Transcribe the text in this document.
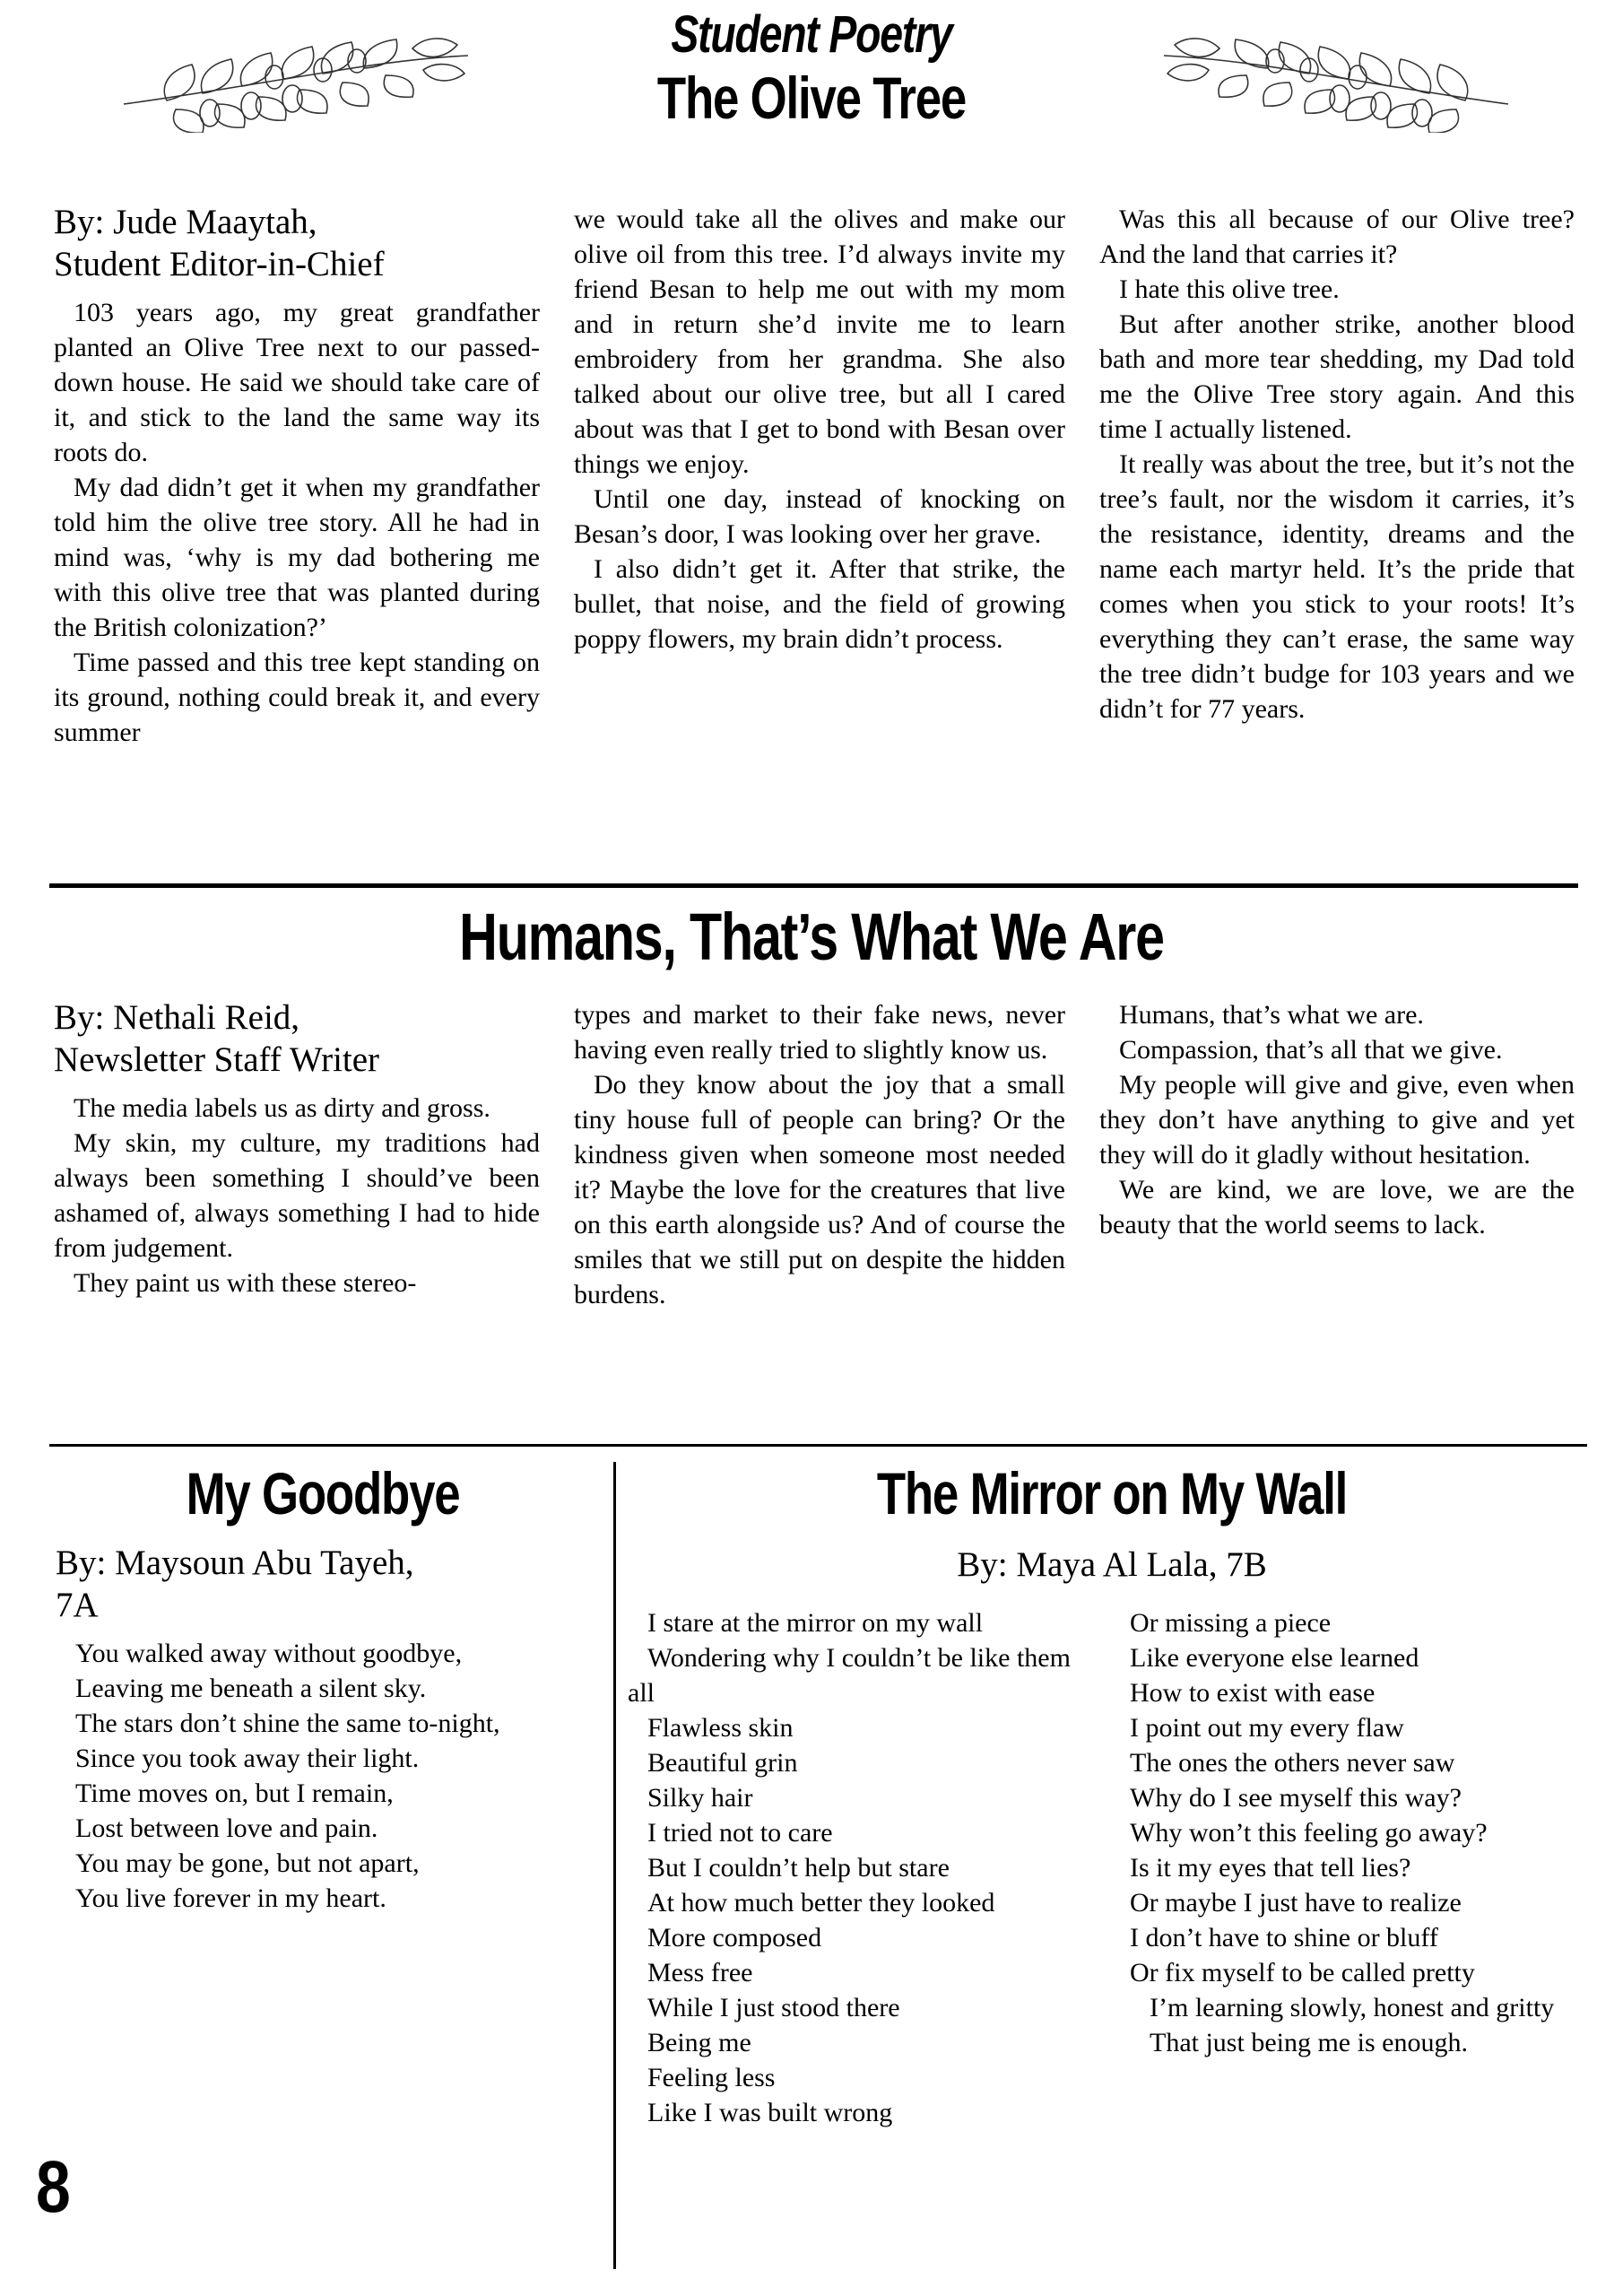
Student Poetry
The Olive Tree
By: Jude Maaytah,
Student Editor-in-Chief

103 years ago, my great grandfather planted an Olive Tree next to our passed-down house. He said we should take care of it, and stick to the land the same way its roots do.

My dad didn’t get it when my grandfather told him the olive tree story. All he had in mind was, ‘why is my dad bothering me with this olive tree that was planted during the British colonization?’

Time passed and this tree kept standing on its ground, nothing could break it, and every summer

we would take all the olives and make our olive oil from this tree. I’d always invite my friend Besan to help me out with my mom and in return she’d invite me to learn embroidery from her grandma. She also talked about our olive tree, but all I cared about was that I get to bond with Besan over things we enjoy.

Until one day, instead of knocking on Besan’s door, I was looking over her grave.

I also didn’t get it. After that strike, the bullet, that noise, and the field of growing poppy flowers, my brain didn’t process.

Was this all because of our Olive tree? And the land that carries it?

I hate this olive tree.

But after another strike, another blood bath and more tear shedding, my Dad told me the Olive Tree story again. And this time I actually listened.

It really was about the tree, but it’s not the tree’s fault, nor the wisdom it carries, it’s the resistance, identity, dreams and the name each martyr held. It’s the pride that comes when you stick to your roots! It’s everything they can’t erase, the same way the tree didn’t budge for 103 years and we didn’t for 77 years.

Humans, That’s What We Are
By: Nethali Reid,
Newsletter Staff Writer

The media labels us as dirty and gross.

My skin, my culture, my traditions had always been something I should’ve been ashamed of, always something I had to hide from judgement.

They paint us with these stereo-

types and market to their fake news, never having even really tried to slightly know us.

Do they know about the joy that a small tiny house full of people can bring? Or the kindness given when someone most needed it? Maybe the love for the creatures that live on this earth alongside us? And of course the smiles that we still put on despite the hidden burdens.

Humans, that’s what we are.

Compassion, that’s all that we give.

My people will give and give, even when they don’t have anything to give and yet they will do it gladly without hesitation.

We are kind, we are love, we are the beauty that the world seems to lack.

My Goodbye	The Mirror on My Wall
By: Maysoun Abu Tayeh,
7A

You walked away without goodbye,

Leaving me beneath a silent sky.

The stars don’t shine the same to-night,

Since you took away their light.

Time moves on, but I remain,

Lost between love and pain.

You may be gone, but not apart,

You live forever in my heart.

By: Maya Al Lala, 7B

I stare at the mirror on my wall

Wondering why I couldn’t be like them all

Flawless skin

Beautiful grin

Silky hair

I tried not to care

But I couldn’t help but stare

At how much better they looked

More composed

Mess free

While I just stood there

Being me

Feeling less

Like I was built wrong

Or missing a piece

Like everyone else learned

How to exist with ease

I point out my every flaw

The ones the others never saw

Why do I see myself this way?

Why won’t this feeling go away?

Is it my eyes that tell lies?

Or maybe I just have to realize

I don’t have to shine or bluff

Or fix myself to be called pretty

I’m learning slowly, honest and gritty

That just being me is enough.

8
